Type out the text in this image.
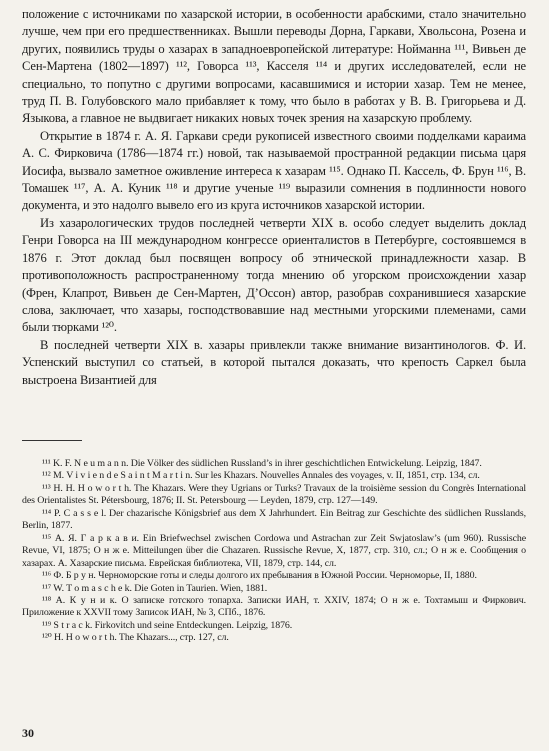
положение с источниками по хазарской истории, в особенности арабскими, стало значительно лучше, чем при его предшественниках. Вышли переводы Дорна, Гаркави, Хвольсона, Розена и других, появились труды о хазарах в западноевропейской литературе: Нойманна ¹¹¹, Вивьен де Сен-Мартена (1802—1897) ¹¹², Говорса ¹¹³, Касселя ¹¹⁴ и других исследователей, если не специально, то попутно с другими вопросами, касавшимися и истории хазар. Тем не менее, труд П. В. Голубовского мало прибавляет к тому, что было в работах у В. В. Григорьева и Д. Языкова, а главное не выдвигает никаких новых точек зрения на хазарскую проблему.

Открытие в 1874 г. А. Я. Гаркави среди рукописей известного своими подделками караима А. С. Фирковича (1786—1874 гг.) новой, так называемой пространной редакции письма царя Иосифа, вызвало заметное оживление интереса к хазарам ¹¹⁵. Однако П. Кассель, Ф. Брун ¹¹⁶, В. Томашек ¹¹⁷, А. А. Куник ¹¹⁸ и другие ученые ¹¹⁹ выразили сомнения в подлинности нового документа, и это надолго вывело его из круга источников хазарской истории.

Из хазарологических трудов последней четверти XIX в. особо следует выделить доклад Генри Говорса на III международном конгрессе ориенталистов в Петербурге, состоявшемся в 1876 г. Этот доклад был посвящен вопросу об этнической принадлежности хазар. В противоположность распространенному тогда мнению об угорском происхождении хазар (Френ, Клапрот, Вивьен де Сен-Мартен, Д’Оссон) автор, разобрав сохранившиеся хазарские слова, заключает, что хазары, господствовавшие над местными угорскими племенами, сами были тюрками ¹²⁰.

В последней четверти XIX в. хазары привлекли также внимание византинологов. Ф. И. Успенский выступил со статьей, в которой пытался доказать, что крепость Саркел была выстроена Византией для

¹¹¹ K. F. N e u m a n n. Die Völker des südlichen Russland’s in ihrer geschichtlichen Entwickelung. Leipzig, 1847.

¹¹² M. V i v i e n d e S a i n t M a r t i n. Sur les Khazars. Nouvelles Annales des voyages, v. II, 1851, стр. 134, сл.

¹¹³ H. H. H o w o r t h. The Khazars. Were they Ugrians or Turks? Travaux de la troisième session du Congrès International des Orientalistes St. Pétersbourg, 1876; II. St. Petersbourg — Leyden, 1879, стр. 127—149.

¹¹⁴ P. C a s s e l. Der chazarische Königsbrief aus dem X Jahrhundert. Ein Beitrag zur Geschichte des südlichen Russlands, Berlin, 1877.

¹¹⁵ А. Я. Г а р к а в и. Ein Briefwechsel zwischen Cordowa und Astrachan zur Zeit Swjatoslaw’s (um 960). Russische Revue, VI, 1875; О н ж е. Mitteilungen über die Chazaren. Russische Revue, X, 1877, стр. 310, сл.; О н ж е. Сообщения о хазарах. А. Хазарские письма. Еврейская библиотека, VII, 1879, стр. 144, сл.

¹¹⁶ Ф. Б р у н. Черноморские готы и следы долгого их пребывания в Южной России. Черноморье, II, 1880.

¹¹⁷ W. T o m a s c h e k. Die Goten in Taurien. Wien, 1881.

¹¹⁸ А. К у н и к. О записке готского топарха. Записки ИАН, т. XXIV, 1874; О н ж е. Тохтамыш и Фиркович. Приложение к XXVII тому Записок ИАН, № 3, СПб., 1876.

¹¹⁹ S t r a c k. Firkovitch und seine Entdeckungen. Leipzig, 1876.

¹²⁰ H. H o w o r t h. The Khazars..., стр. 127, сл.

30
